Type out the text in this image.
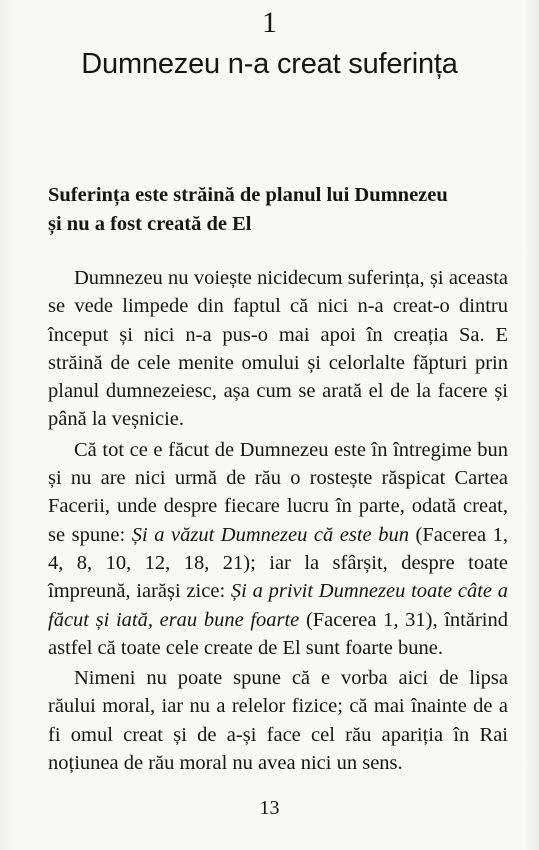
1
Dumnezeu n-a creat suferința
Suferința este străină de planul lui Dumnezeu
și nu a fost creată de El

Dumnezeu nu voiește nicidecum suferința, și aceasta se vede limpede din faptul că nici n-a creat-o dintru început și nici n-a pus-o mai apoi în creația Sa. E străină de cele menite omului și celorlalte făpturi prin planul dumnezeiesc, așa cum se arată el de la facere și până la veșnicie.

Că tot ce e făcut de Dumnezeu este în întregime bun și nu are nici urmă de rău o rostește răspicat Cartea Facerii, unde despre fiecare lucru în parte, odată creat, se spune: Și a văzut Dumnezeu că este bun (Facerea 1, 4, 8, 10, 12, 18, 21); iar la sfârșit, despre toate împreună, iarăși zice: Și a privit Dumnezeu toate câte a făcut și iată, erau bune foarte (Facerea 1, 31), întărind astfel că toate cele create de El sunt foarte bune.

Nimeni nu poate spune că e vorba aici de lipsa răului moral, iar nu a relelor fizice; că mai înainte de a fi omul creat și de a-și face cel rău apariția în Rai noțiunea de rău moral nu avea nici un sens.

13
